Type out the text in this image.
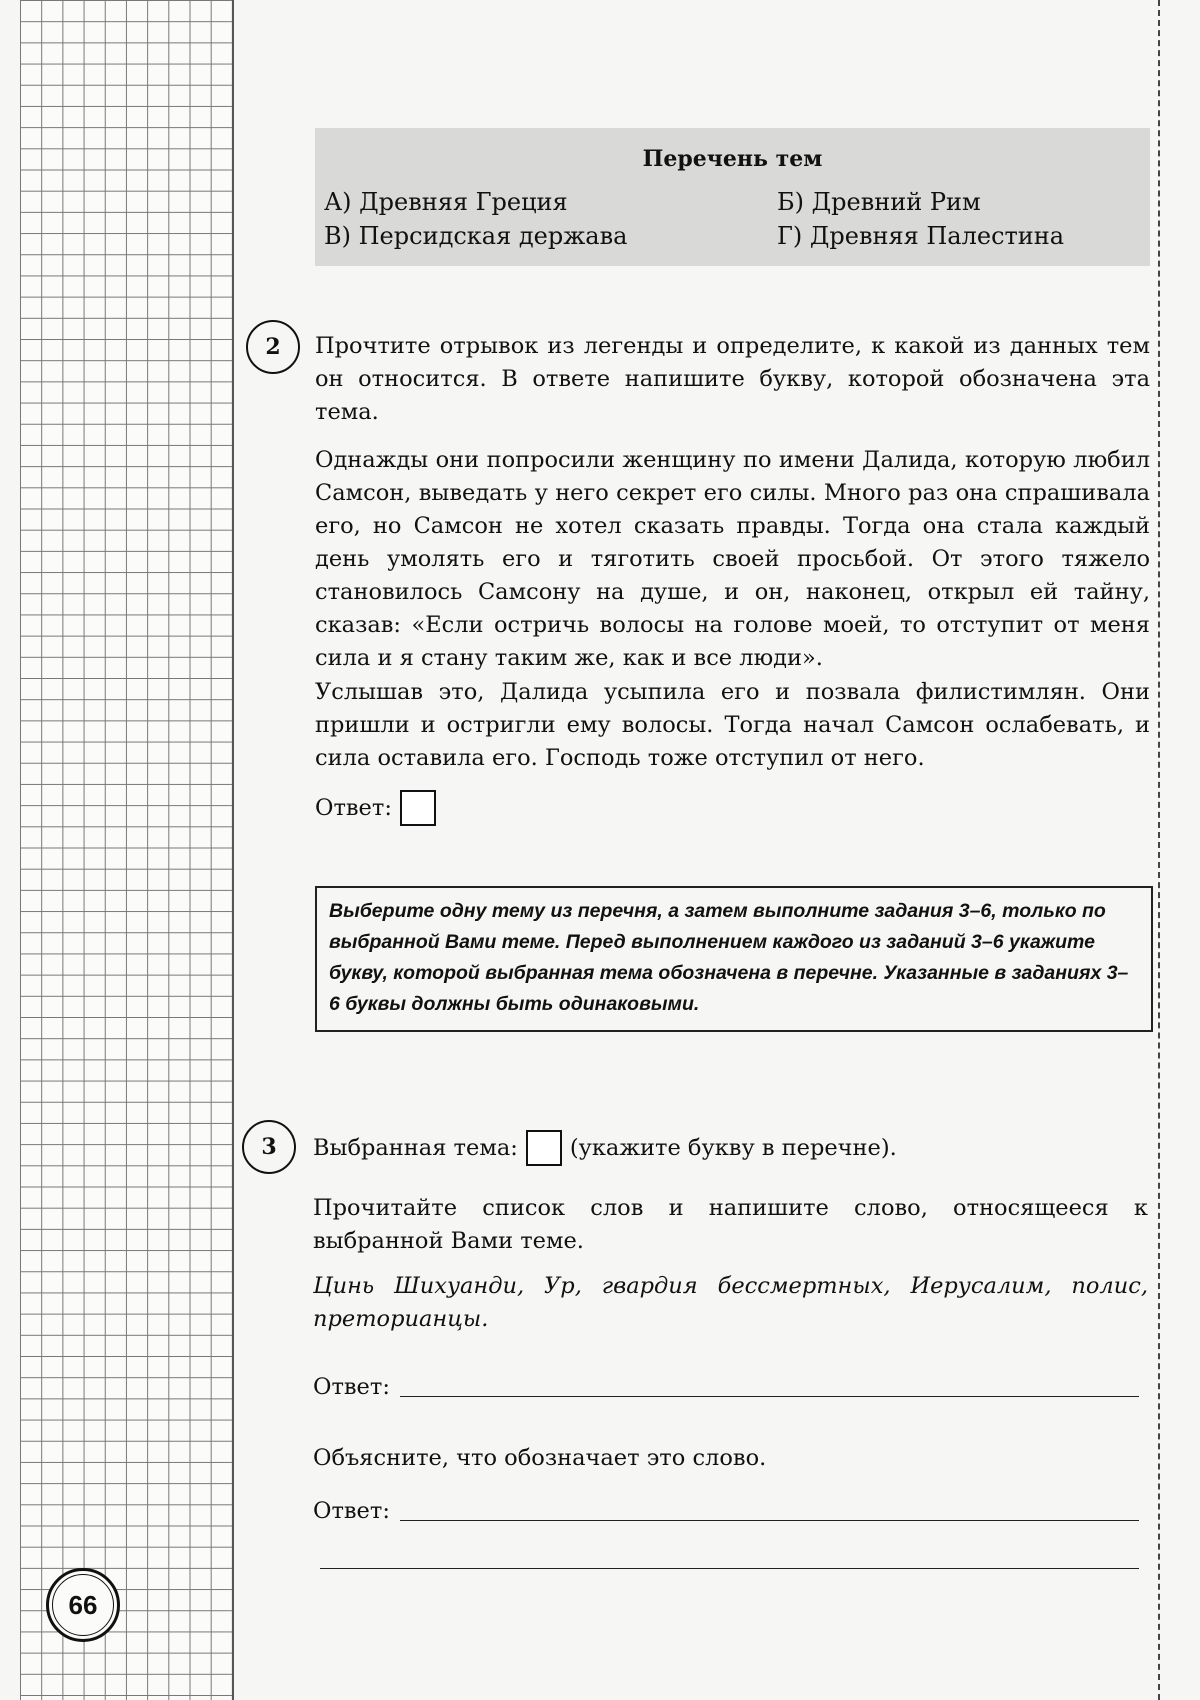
66
Перечень тем
А) Древняя Греция	Б) Древний Рим
В) Персидская держава	Г) Древняя Палестина
2	Прочтите отрывок из легенды и определите, к какой из данных тем он относится. В ответе напишите букву, которой обозначена эта тема.
Однажды они попросили женщину по имени Далида, которую любил Самсон, выведать у него секрет его силы. Много раз она спрашивала его, но Самсон не хотел сказать правды. Тогда она стала каждый день умолять его и тяготить своей просьбой. От этого тяжело становилось Самсону на душе, и он, наконец, открыл ей тайну, сказав: «Если остричь волосы на голове моей, то отступит от меня сила и я стану таким же, как и все люди».
Услышав это, Далида усыпила его и позвала филистимлян. Они пришли и остригли ему волосы. Тогда начал Самсон ослабевать, и сила оставила его. Господь тоже отступил от него.
Ответ:
Выберите одну тему из перечня, а затем выполните задания 3–6, только по выбранной Вами теме. Перед выполнением каждого из заданий 3–6 укажите букву, которой выбранная тема обозначена в перечне. Указанные в заданиях 3–6 буквы должны быть одинаковыми.
3	Выбранная тема: (укажите букву в перечне).
Прочитайте список слов и напишите слово, относящееся к выбранной Вами теме.
Цинь Шихуанди, Ур, гвардия бессмертных, Иерусалим, полис, преторианцы.
Ответ:
Объясните, что обозначает это слово.
Ответ:
